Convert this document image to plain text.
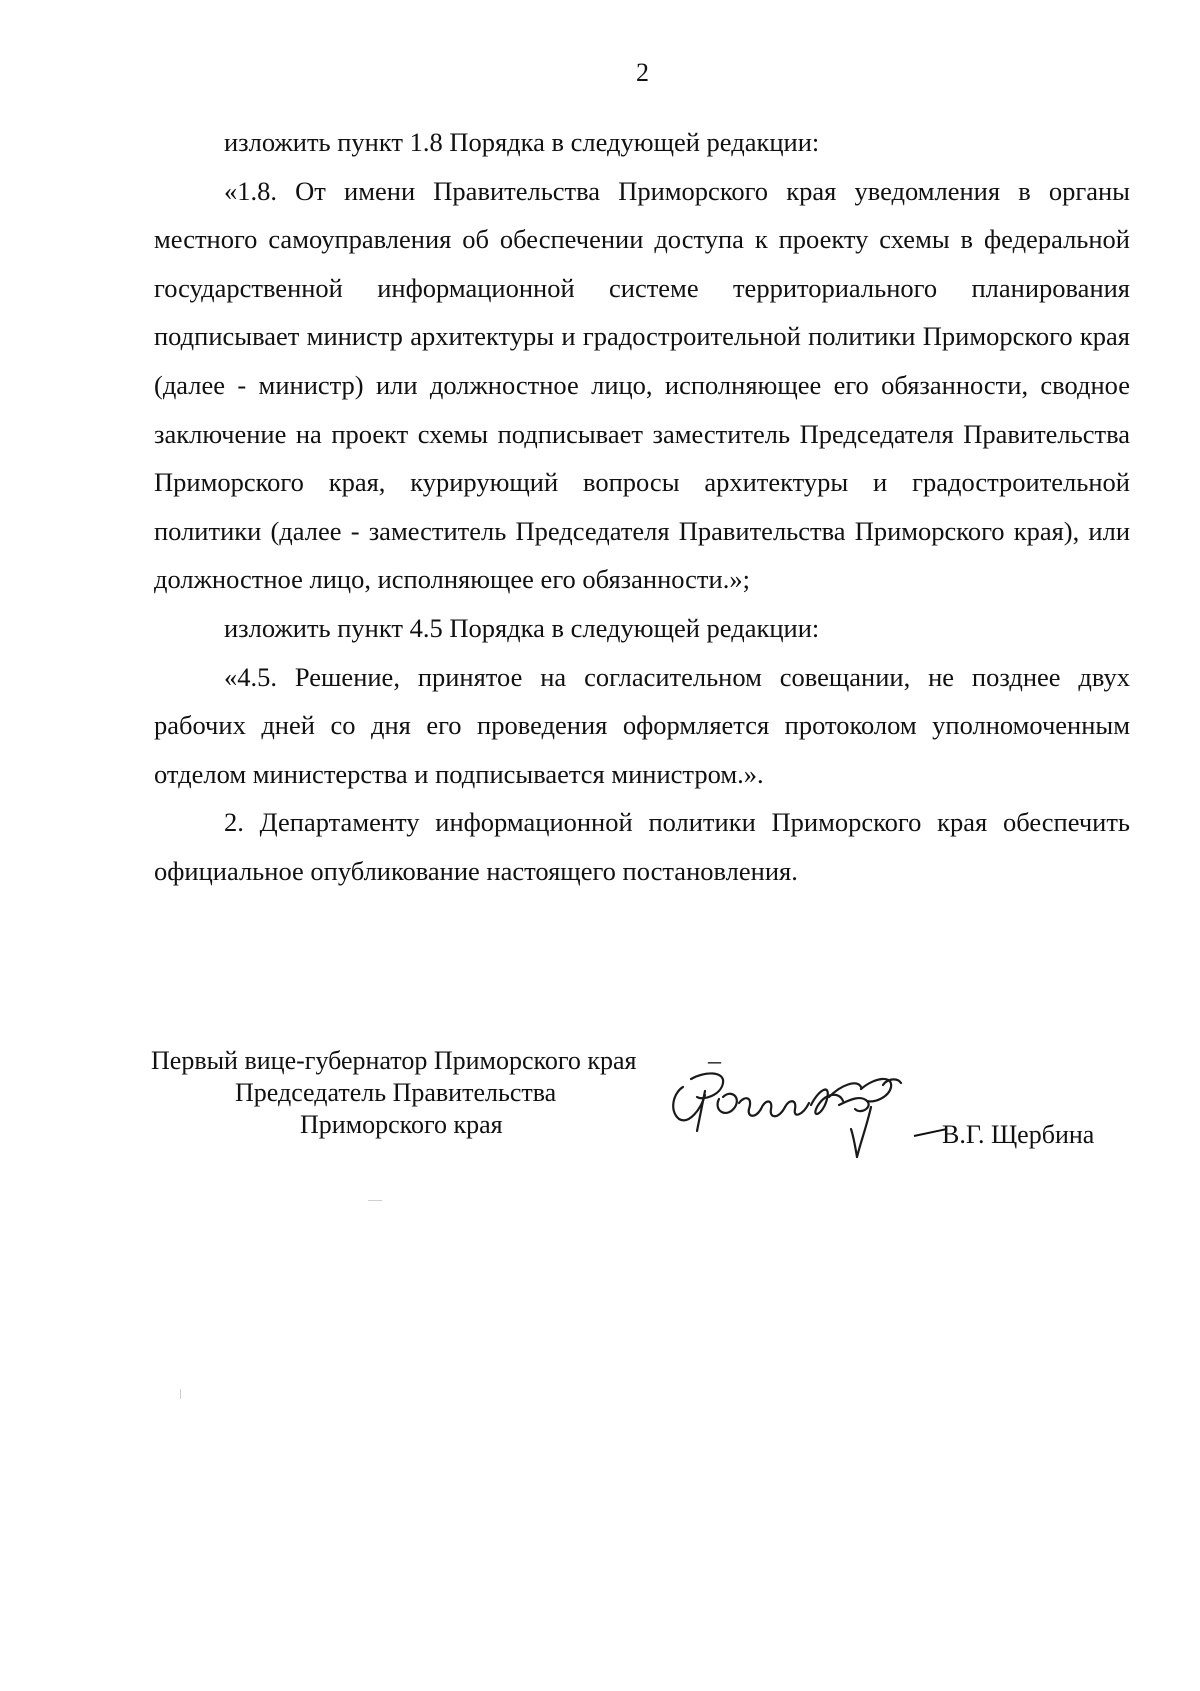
2

изложить пункт 1.8 Порядка в следующей редакции:

«1.8. От имени Правительства Приморского края уведомления в органы местного самоуправления об обеспечении доступа к проекту схемы в федеральной государственной информационной системе территориального планирования подписывает министр архитектуры и градостроительной политики Приморского края (далее - министр) или должностное лицо, исполняющее его обязанности, сводное заключение на проект схемы подписывает заместитель Председателя Правительства Приморского края, курирующий вопросы архитектуры и градостроительной политики (далее - заместитель Председателя Правительства Приморского края), или должностное лицо, исполняющее его обязанности.»;

изложить пункт 4.5 Порядка в следующей редакции:

«4.5. Решение, принятое на согласительном совещании, не позднее двух рабочих дней со дня его проведения оформляется протоколом уполномоченным отделом министерства и подписывается министром.».

2. Департаменту информационной политики Приморского края обеспечить официальное опубликование настоящего постановления.

Первый вице-губернатор Приморского края
Председатель Правительства
Приморского края
–
В.Г. Щербина
